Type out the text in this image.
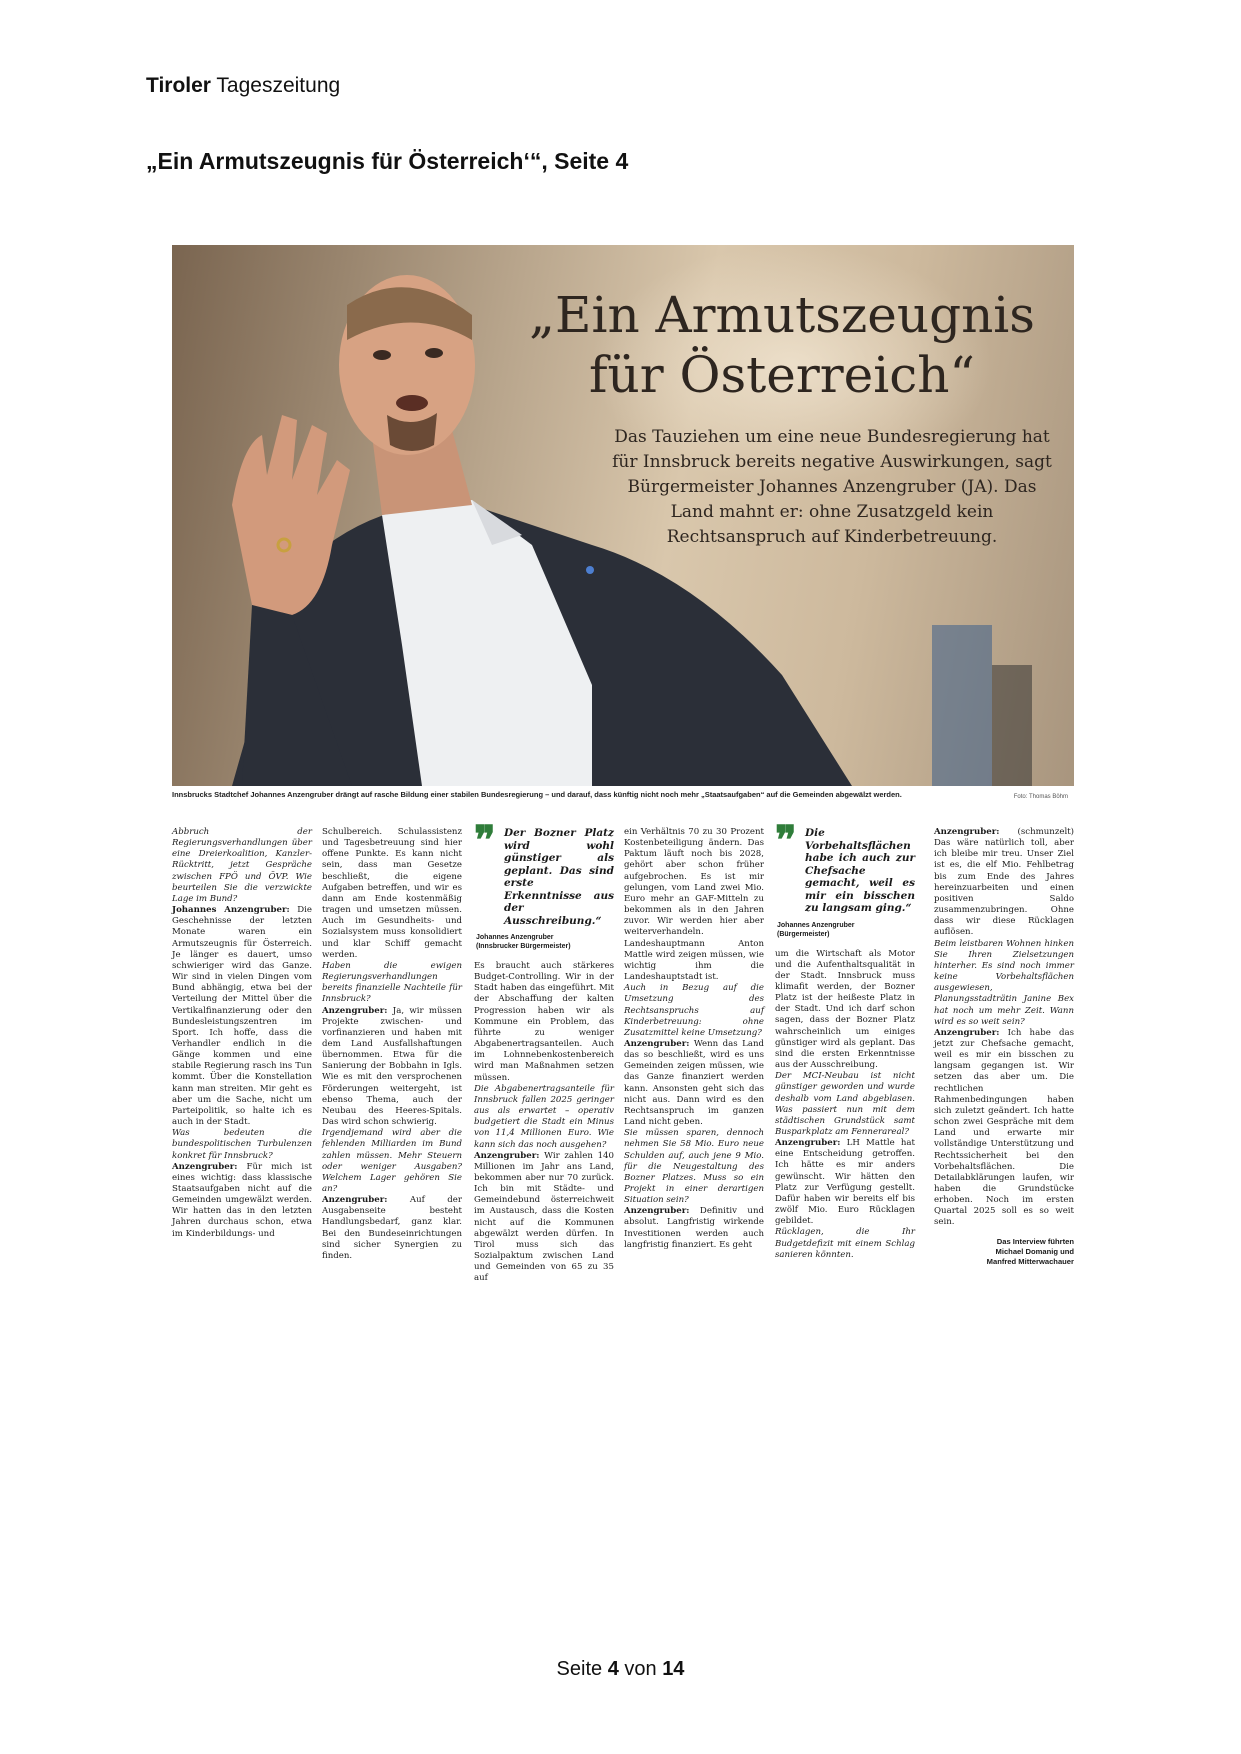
Tiroler Tageszeitung
„Ein Armutszeugnis für Österreich‘“, Seite 4
„Ein Armutszeugnis
für Österreich“
Das Tauziehen um eine neue Bundesregierung hat für Innsbruck bereits negative Auswirkungen, sagt Bürgermeister Johannes Anzengruber (JA). Das Land mahnt er: ohne Zusatzgeld kein Rechtsanspruch auf Kinderbetreuung.
Innsbrucks Stadtchef Johannes Anzengruber drängt auf rasche Bildung einer stabilen Bundesregierung – und darauf, dass künftig nicht noch mehr „Staatsaufgaben“ auf die Gemeinden abgewälzt werden.	Foto: Thomas Böhm

Abbruch der Regierungsverhandlungen über eine Dreierkoalition, Kanzler-Rücktritt, jetzt Gespräche zwischen FPÖ und ÖVP. Wie beurteilen Sie die verzwickte Lage im Bund?

Johannes Anzengruber: Die Geschehnisse der letzten Monate waren ein Armutszeugnis für Österreich. Je länger es dauert, umso schwieriger wird das Ganze. Wir sind in vielen Dingen vom Bund abhängig, etwa bei der Verteilung der Mittel über die Vertikalfinanzierung oder den Bundesleistungszentren im Sport. Ich hoffe, dass die Verhandler endlich in die Gänge kommen und eine stabile Regierung rasch ins Tun kommt. Über die Konstellation kann man streiten. Mir geht es aber um die Sache, nicht um Parteipolitik, so halte ich es auch in der Stadt.

Was bedeuten die bundespolitischen Turbulenzen konkret für Innsbruck?

Anzengruber: Für mich ist eines wichtig: dass klassische Staatsaufgaben nicht auf die Gemeinden umgewälzt werden. Wir hatten das in den letzten Jahren durchaus schon, etwa im Kinderbildungs- und

Schulbereich. Schulassistenz und Tagesbetreuung sind hier offene Punkte. Es kann nicht sein, dass man Gesetze beschließt, die eigene Aufgaben betreffen, und wir es dann am Ende kostenmäßig tragen und umsetzen müssen. Auch im Gesundheits- und Sozialsystem muss konsolidiert und klar Schiff gemacht werden.

Haben die ewigen Regierungsverhandlungen bereits finanzielle Nachteile für Innsbruck?

Anzengruber: Ja, wir müssen Projekte zwischen- und vorfinanzieren und haben mit dem Land Ausfallshaftungen übernommen. Etwa für die Sanierung der Bobbahn in Igls. Wie es mit den versprochenen Förderungen weitergeht, ist ebenso Thema, auch der Neubau des Heeres-Spitals. Das wird schon schwierig.

Irgendjemand wird aber die fehlenden Milliarden im Bund zahlen müssen. Mehr Steuern oder weniger Ausgaben? Welchem Lager gehören Sie an?

Anzengruber: Auf der Ausgabenseite besteht Handlungsbedarf, ganz klar. Bei den Bundeseinrichtungen sind sicher Synergien zu finden.

❞ Der Bozner Platz wird wohl günstiger als geplant. Das sind erste Erkenntnisse aus der Ausschreibung.“
Johannes Anzengruber
(Innsbrucker Bürgermeister)

Es braucht auch stärkeres Budget-Controlling. Wir in der Stadt haben das eingeführt. Mit der Abschaffung der kalten Progression haben wir als Kommune ein Problem, das führte zu weniger Abgabenertragsanteilen. Auch im Lohnnebenkostenbereich wird man Maßnahmen setzen müssen.

Die Abgabenertragsanteile für Innsbruck fallen 2025 geringer aus als erwartet – operativ budgetiert die Stadt ein Minus von 11,4 Millionen Euro. Wie kann sich das noch ausgehen?

Anzengruber: Wir zahlen 140 Millionen im Jahr ans Land, bekommen aber nur 70 zurück. Ich bin mit Städte- und Gemeindebund österreichweit im Austausch, dass die Kosten nicht auf die Kommunen abgewälzt werden dürfen. In Tirol muss sich das Sozialpaktum zwischen Land und Gemeinden von 65 zu 35 auf

ein Verhältnis 70 zu 30 Prozent Kostenbeteiligung ändern. Das Paktum läuft noch bis 2028, gehört aber schon früher aufgebrochen. Es ist mir gelungen, vom Land zwei Mio. Euro mehr an GAF-Mitteln zu bekommen als in den Jahren zuvor. Wir werden hier aber weiterverhandeln. Landeshauptmann Anton Mattle wird zeigen müssen, wie wichtig ihm die Landeshauptstadt ist.

Auch in Bezug auf die Umsetzung des Rechtsanspruchs auf Kinderbetreuung: ohne Zusatzmittel keine Umsetzung?

Anzengruber: Wenn das Land das so beschließt, wird es uns Gemeinden zeigen müssen, wie das Ganze finanziert werden kann. Ansonsten geht sich das nicht aus. Dann wird es den Rechtsanspruch im ganzen Land nicht geben.

Sie müssen sparen, dennoch nehmen Sie 58 Mio. Euro neue Schulden auf, auch jene 9 Mio. für die Neugestaltung des Bozner Platzes. Muss so ein Projekt in einer derartigen Situation sein?

Anzengruber: Definitiv und absolut. Langfristig wirkende Investitionen werden auch langfristig finanziert. Es geht

❞ Die Vorbehaltsflächen habe ich auch zur Chefsache gemacht, weil es mir ein bisschen zu langsam ging.“
Johannes Anzengruber
(Bürgermeister)

um die Wirtschaft als Motor und die Aufenthaltsqualität in der Stadt. Innsbruck muss klimafit werden, der Bozner Platz ist der heißeste Platz in der Stadt. Und ich darf schon sagen, dass der Bozner Platz wahrscheinlich um einiges günstiger wird als geplant. Das sind die ersten Erkenntnisse aus der Ausschreibung.

Der MCI-Neubau ist nicht günstiger geworden und wurde deshalb vom Land abgeblasen. Was passiert nun mit dem städtischen Grundstück samt Busparkplatz am Fennerareal?

Anzengruber: LH Mattle hat eine Entscheidung getroffen. Ich hätte es mir anders gewünscht. Wir hätten den Platz zur Verfügung gestellt. Dafür haben wir bereits elf bis zwölf Mio. Euro Rücklagen gebildet.

Rücklagen, die Ihr Budgetdefizit mit einem Schlag sanieren könnten.

Anzengruber: (schmunzelt) Das wäre natürlich toll, aber ich bleibe mir treu. Unser Ziel ist es, die elf Mio. Fehlbetrag bis zum Ende des Jahres hereinzuarbeiten und einen positiven Saldo zusammenzubringen. Ohne dass wir diese Rücklagen auflösen.

Beim leistbaren Wohnen hinken Sie Ihren Zielsetzungen hinterher. Es sind noch immer keine Vorbehaltsflächen ausgewiesen, Planungsstadträtin Janine Bex hat noch um mehr Zeit. Wann wird es so weit sein?

Anzengruber: Ich habe das jetzt zur Chefsache gemacht, weil es mir ein bisschen zu langsam gegangen ist. Wir setzen das aber um. Die rechtlichen Rahmenbedingungen haben sich zuletzt geändert. Ich hatte schon zwei Gespräche mit dem Land und erwarte mir vollständige Unterstützung und Rechtssicherheit bei den Vorbehaltsflächen. Die Detailabklärungen laufen, wir haben die Grundstücke erhoben. Noch im ersten Quartal 2025 soll es so weit sein.

Das Interview führten
Michael Domanig und
Manfred Mitterwachauer
Seite 4 von 14
